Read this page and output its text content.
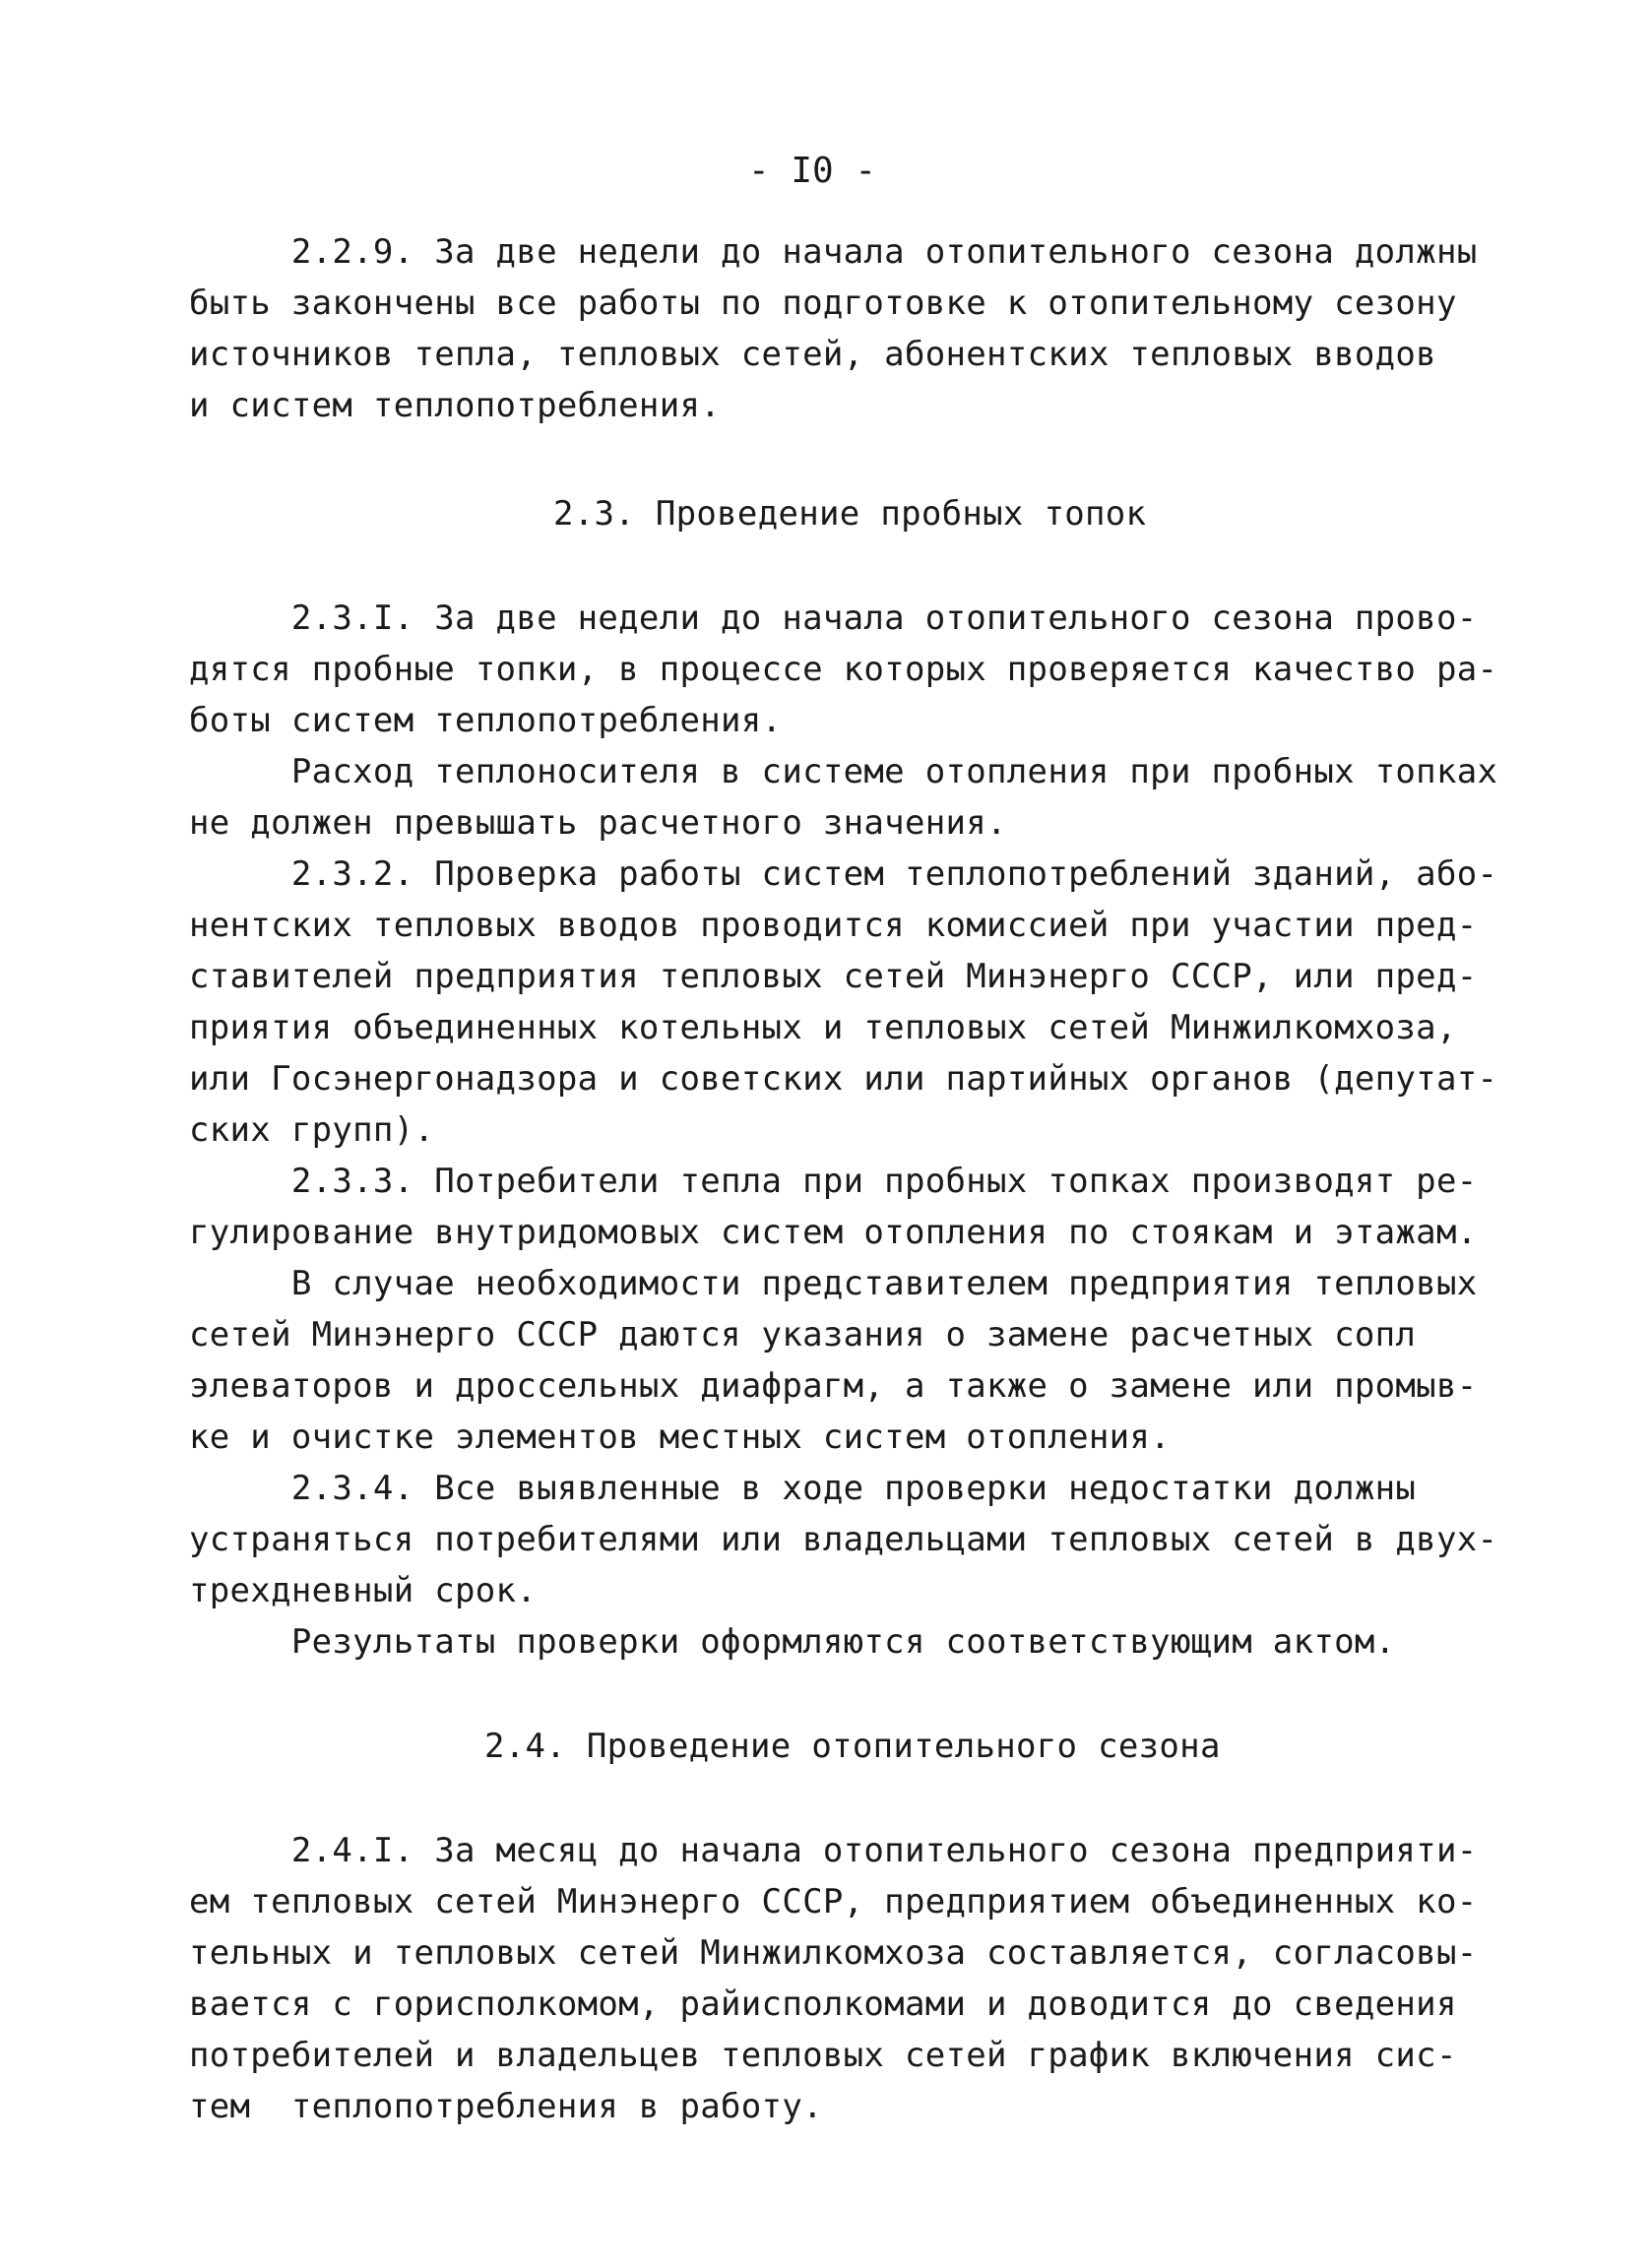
- I0 -

2.2.9. За две недели до начала отопительного сезона должны

быть закончены все работы по подготовке к отопительному сезону

источников тепла, тепловых сетей, абонентских тепловых вводов

и систем теплопотребления.

2.3. Проведение пробных топок

2.3.I. За две недели до начала отопительного сезона прово-

дятся пробные топки, в процессе которых проверяется качество ра-

боты систем теплопотребления.

Расход теплоносителя в системе отопления при пробных топках

не должен превышать расчетного значения.

2.3.2. Проверка работы систем теплопотреблений зданий, або-

нентских тепловых вводов проводится комиссией при участии пред-

ставителей предприятия тепловых сетей Минэнерго СССР, или пред-

приятия объединенных котельных и тепловых сетей Минжилкомхоза,

или Госэнергонадзора и советских или партийных органов (депутат-

ских групп).

2.3.3. Потребители тепла при пробных топках производят ре-

гулирование внутридомовых систем отопления по стоякам и этажам.

В случае необходимости представителем предприятия тепловых

сетей Минэнерго СССР даются указания о замене расчетных сопл

элеваторов и дроссельных диафрагм, а также о замене или промыв-

ке и очистке элементов местных систем отопления.

2.3.4. Все выявленные в ходе проверки недостатки должны

устраняться потребителями или владельцами тепловых сетей в двух-

трехдневный срок.

Результаты проверки оформляются соответствующим актом.

2.4. Проведение отопительного сезона

2.4.I. За месяц до начала отопительного сезона предприяти-

ем тепловых сетей Минэнерго СССР, предприятием объединенных ко-

тельных и тепловых сетей Минжилкомхоза составляется, согласовы-

вается с горисполкомом, райисполкомами и доводится до сведения

потребителей и владельцев тепловых сетей график включения сис-

тем  теплопотребления в работу.
